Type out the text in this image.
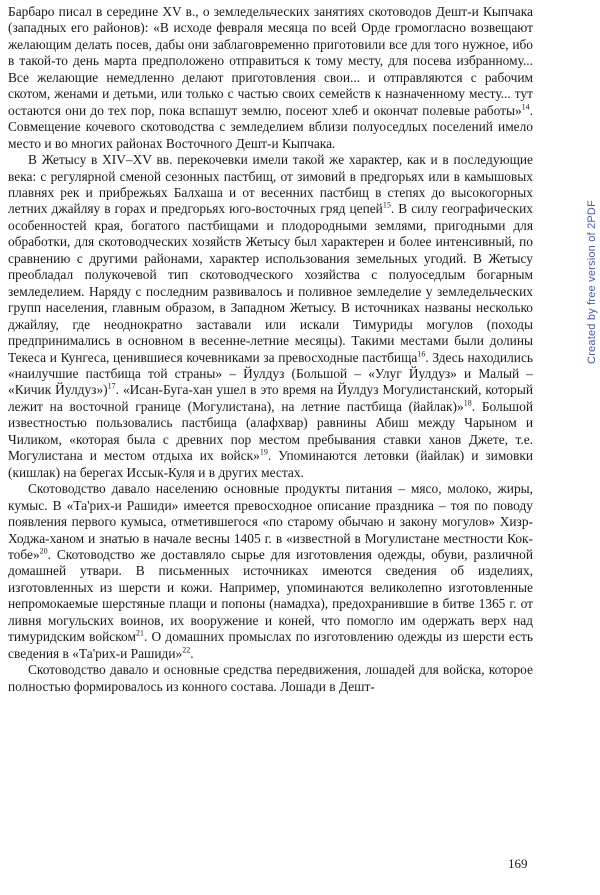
Барбаро писал в середине XV в., о земледельческих занятиях скотоводов Дешт-и Кыпчака (западных его районов): «В исходе февраля месяца по всей Орде громогласно возвещают желающим делать посев, дабы они заблаговременно приготовили все для того нужное, ибо в такой-то день марта предположено отправиться к тому месту, для посева избранному... Все желающие немедленно делают приготовления свои... и отправляются с рабочим скотом, женами и детьми, или только с частью своих семейств к назначенному месту... тут остаются они до тех пор, пока вспашут землю, посеют хлеб и окончат полевые работы»$^{14}$. Совмещение кочевого скотоводства с земледелием вблизи полуоседлых поселений имело место и во многих районах Восточного Дешт-и Кыпчака.

В Жетысу в XIV–XV вв. перекочевки имели такой же характер, как и в последующие века: с регулярной сменой сезонных пастбищ, от зимовий в предгорьях или в камышовых плавнях рек и прибрежьях Балхаша и от весенних пастбищ в степях до высокогорных летних джайляу в горах и предгорьях юго-восточных гряд цепей$^{15}$. В силу географических особенностей края, богатого пастбищами и плодородными землями, пригодными для обработки, для скотоводческих хозяйств Жетысу был характерен и более интенсивный, по сравнению с другими районами, характер использования земельных угодий. В Жетысу преобладал полукочевой тип скотоводческого хозяйства с полуоседлым богарным земледелием. Наряду с последним развивалось и поливное земледелие у земледельческих групп населения, главным образом, в Западном Жетысу. В источниках названы несколько джайляу, где неоднократно заставали или искали Тимуриды могулов (походы предпринимались в основном в весенне-летние месяцы). Такими местами были долины Текеса и Кунгеса, ценившиеся кочевниками за превосходные пастбища$^{16}$. Здесь находились «наилучшие пастбища той страны» – Йулдуз (Большой – «Улуг Йулдуз» и Малый – «Кичик Йулдуз»)$^{17}$. «Исан-Буга-хан ушел в это время на Йулдуз Могулистанский, который лежит на восточной границе (Могулистана), на летние пастбища (йайлак)»$^{18}$. Большой известностью пользовались пастбища (алафхвар) равнины Абиш между Чарыном и Чиликом, «которая была с древних пор местом пребывания ставки ханов Джете, т.е. Могулистана и местом отдыха их войск»$^{19}$. Упоминаются летовки (йайлак) и зимовки (кишлак) на берегах Иссык-Куля и в других местах.

Скотоводство давало населению основные продукты питания – мясо, молоко, жиры, кумыс. В «Та'рих-и Рашиди» имеется превосходное описание праздника – тоя по поводу появления первого кумыса, отметившегося «по старому обычаю и закону могулов» Хизр-Ходжа-ханом и знатью в начале весны 1405 г. в «известной в Могулистане местности Кок-тобе»$^{20}$. Скотоводство же доставляло сырье для изготовления одежды, обуви, различной домашней утвари. В письменных источниках имеются сведения об изделиях, изготовленных из шерсти и кожи. Например, упоминаются великолепно изготовленные непромокаемые шерстяные плащи и попоны (намадха), предохранившие в битве 1365 г. от ливня могульских воинов, их вооружение и коней, что помогло им одержать верх над тимуридским войском$^{21}$. О домашних промыслах по изготовлению одежды из шерсти есть сведения в «Та'рих-и Рашиди»$^{22}$.

Скотоводство давало и основные средства передвижения, лошадей для войска, которое полностью формировалось из конного состава. Лошади в Дешт-

169
Created by free version of 2PDF
